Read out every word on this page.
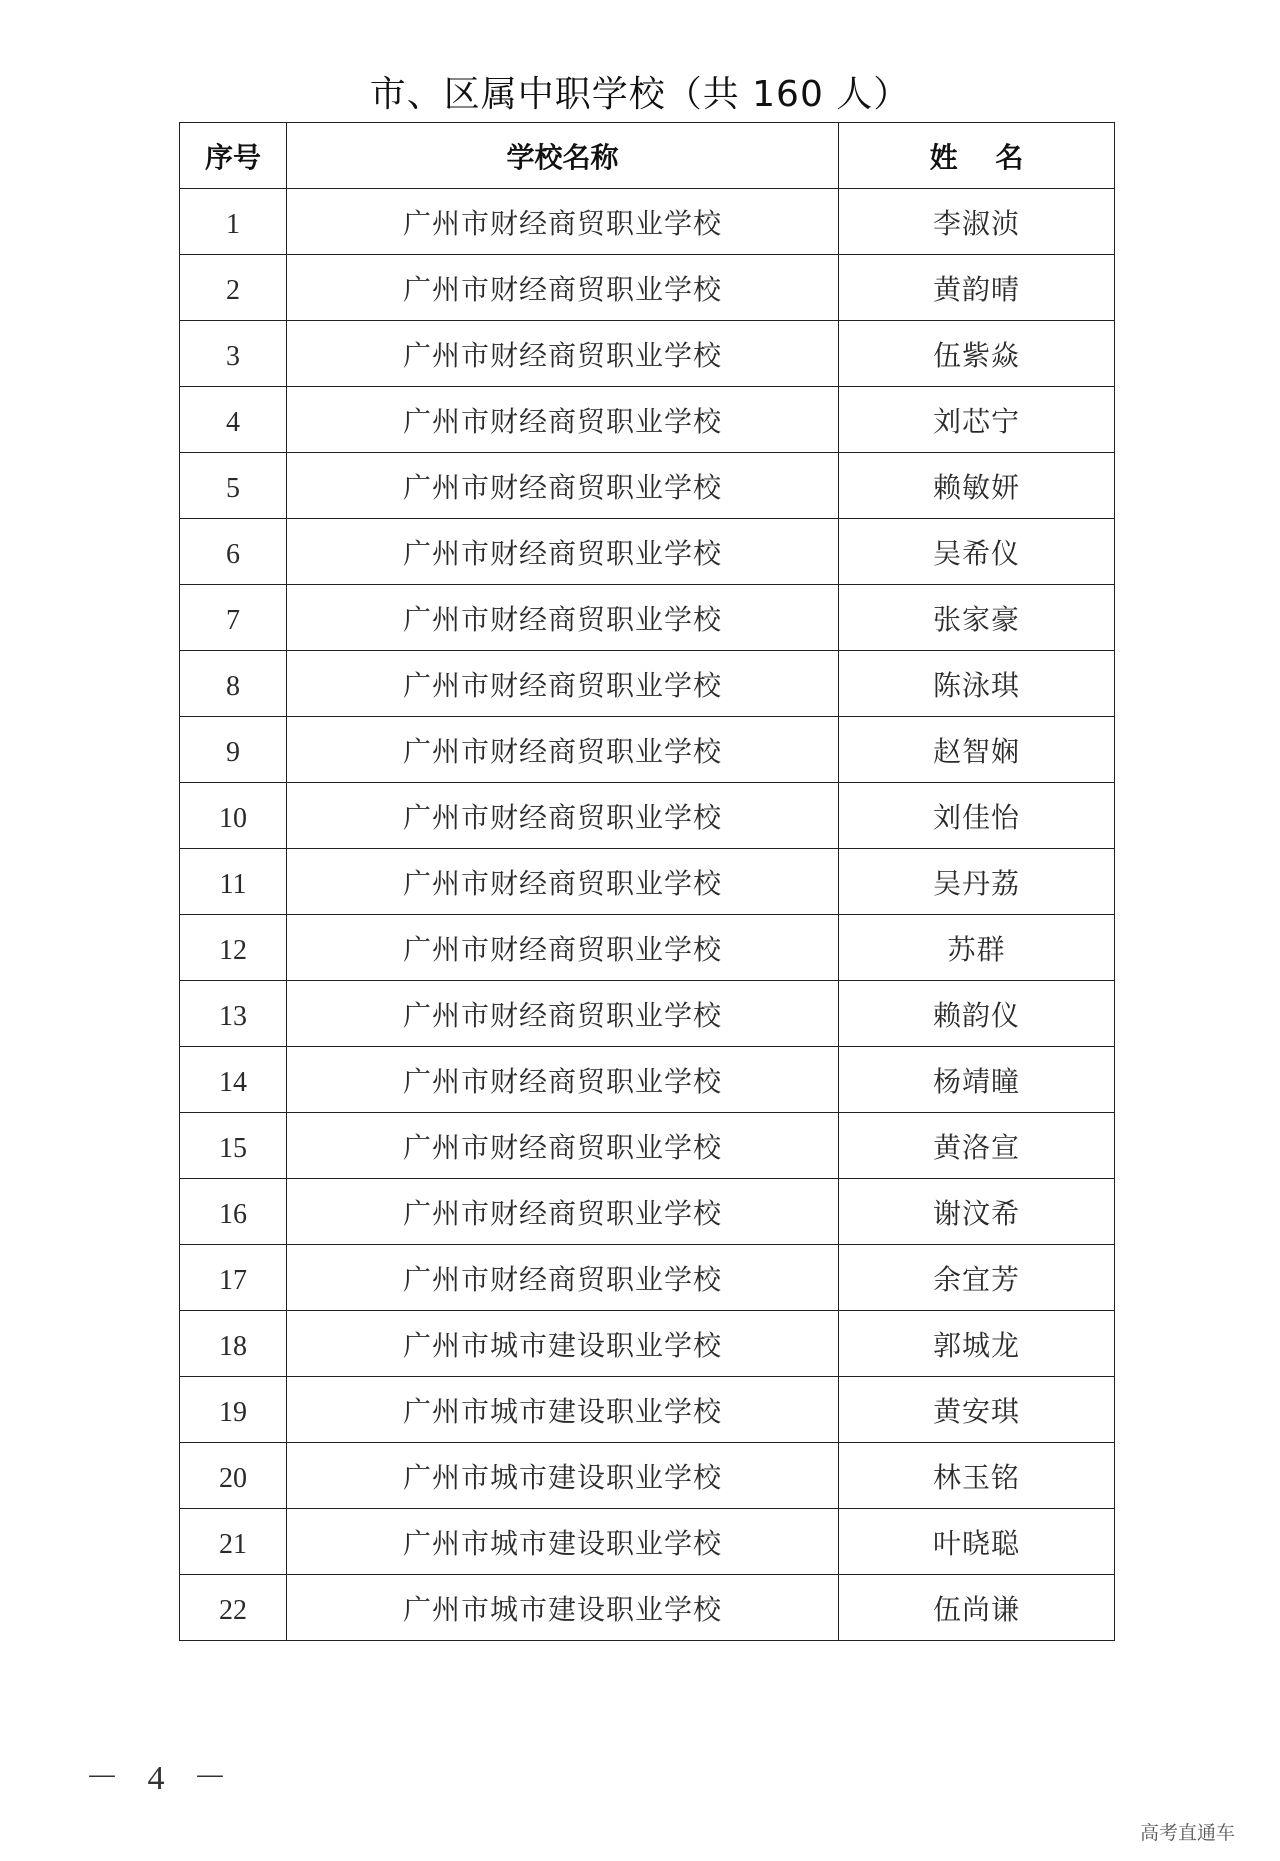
市、区属中职学校（共 160 人）
序号	学校名称	姓 名
1	广州市财经商贸职业学校	李淑浈
2	广州市财经商贸职业学校	黄韵晴
3	广州市财经商贸职业学校	伍紫焱
4	广州市财经商贸职业学校	刘芯宁
5	广州市财经商贸职业学校	赖敏妍
6	广州市财经商贸职业学校	吴希仪
7	广州市财经商贸职业学校	张家豪
8	广州市财经商贸职业学校	陈泳琪
9	广州市财经商贸职业学校	赵智娴
10	广州市财经商贸职业学校	刘佳怡
11	广州市财经商贸职业学校	吴丹荔
12	广州市财经商贸职业学校	苏群
13	广州市财经商贸职业学校	赖韵仪
14	广州市财经商贸职业学校	杨靖瞳
15	广州市财经商贸职业学校	黄洛宣
16	广州市财经商贸职业学校	谢汶希
17	广州市财经商贸职业学校	余宜芳
18	广州市城市建设职业学校	郭城龙
19	广州市城市建设职业学校	黄安琪
20	广州市城市建设职业学校	林玉铭
21	广州市城市建设职业学校	叶晓聪
22	广州市城市建设职业学校	伍尚谦
－ 4 －
高考直通车
